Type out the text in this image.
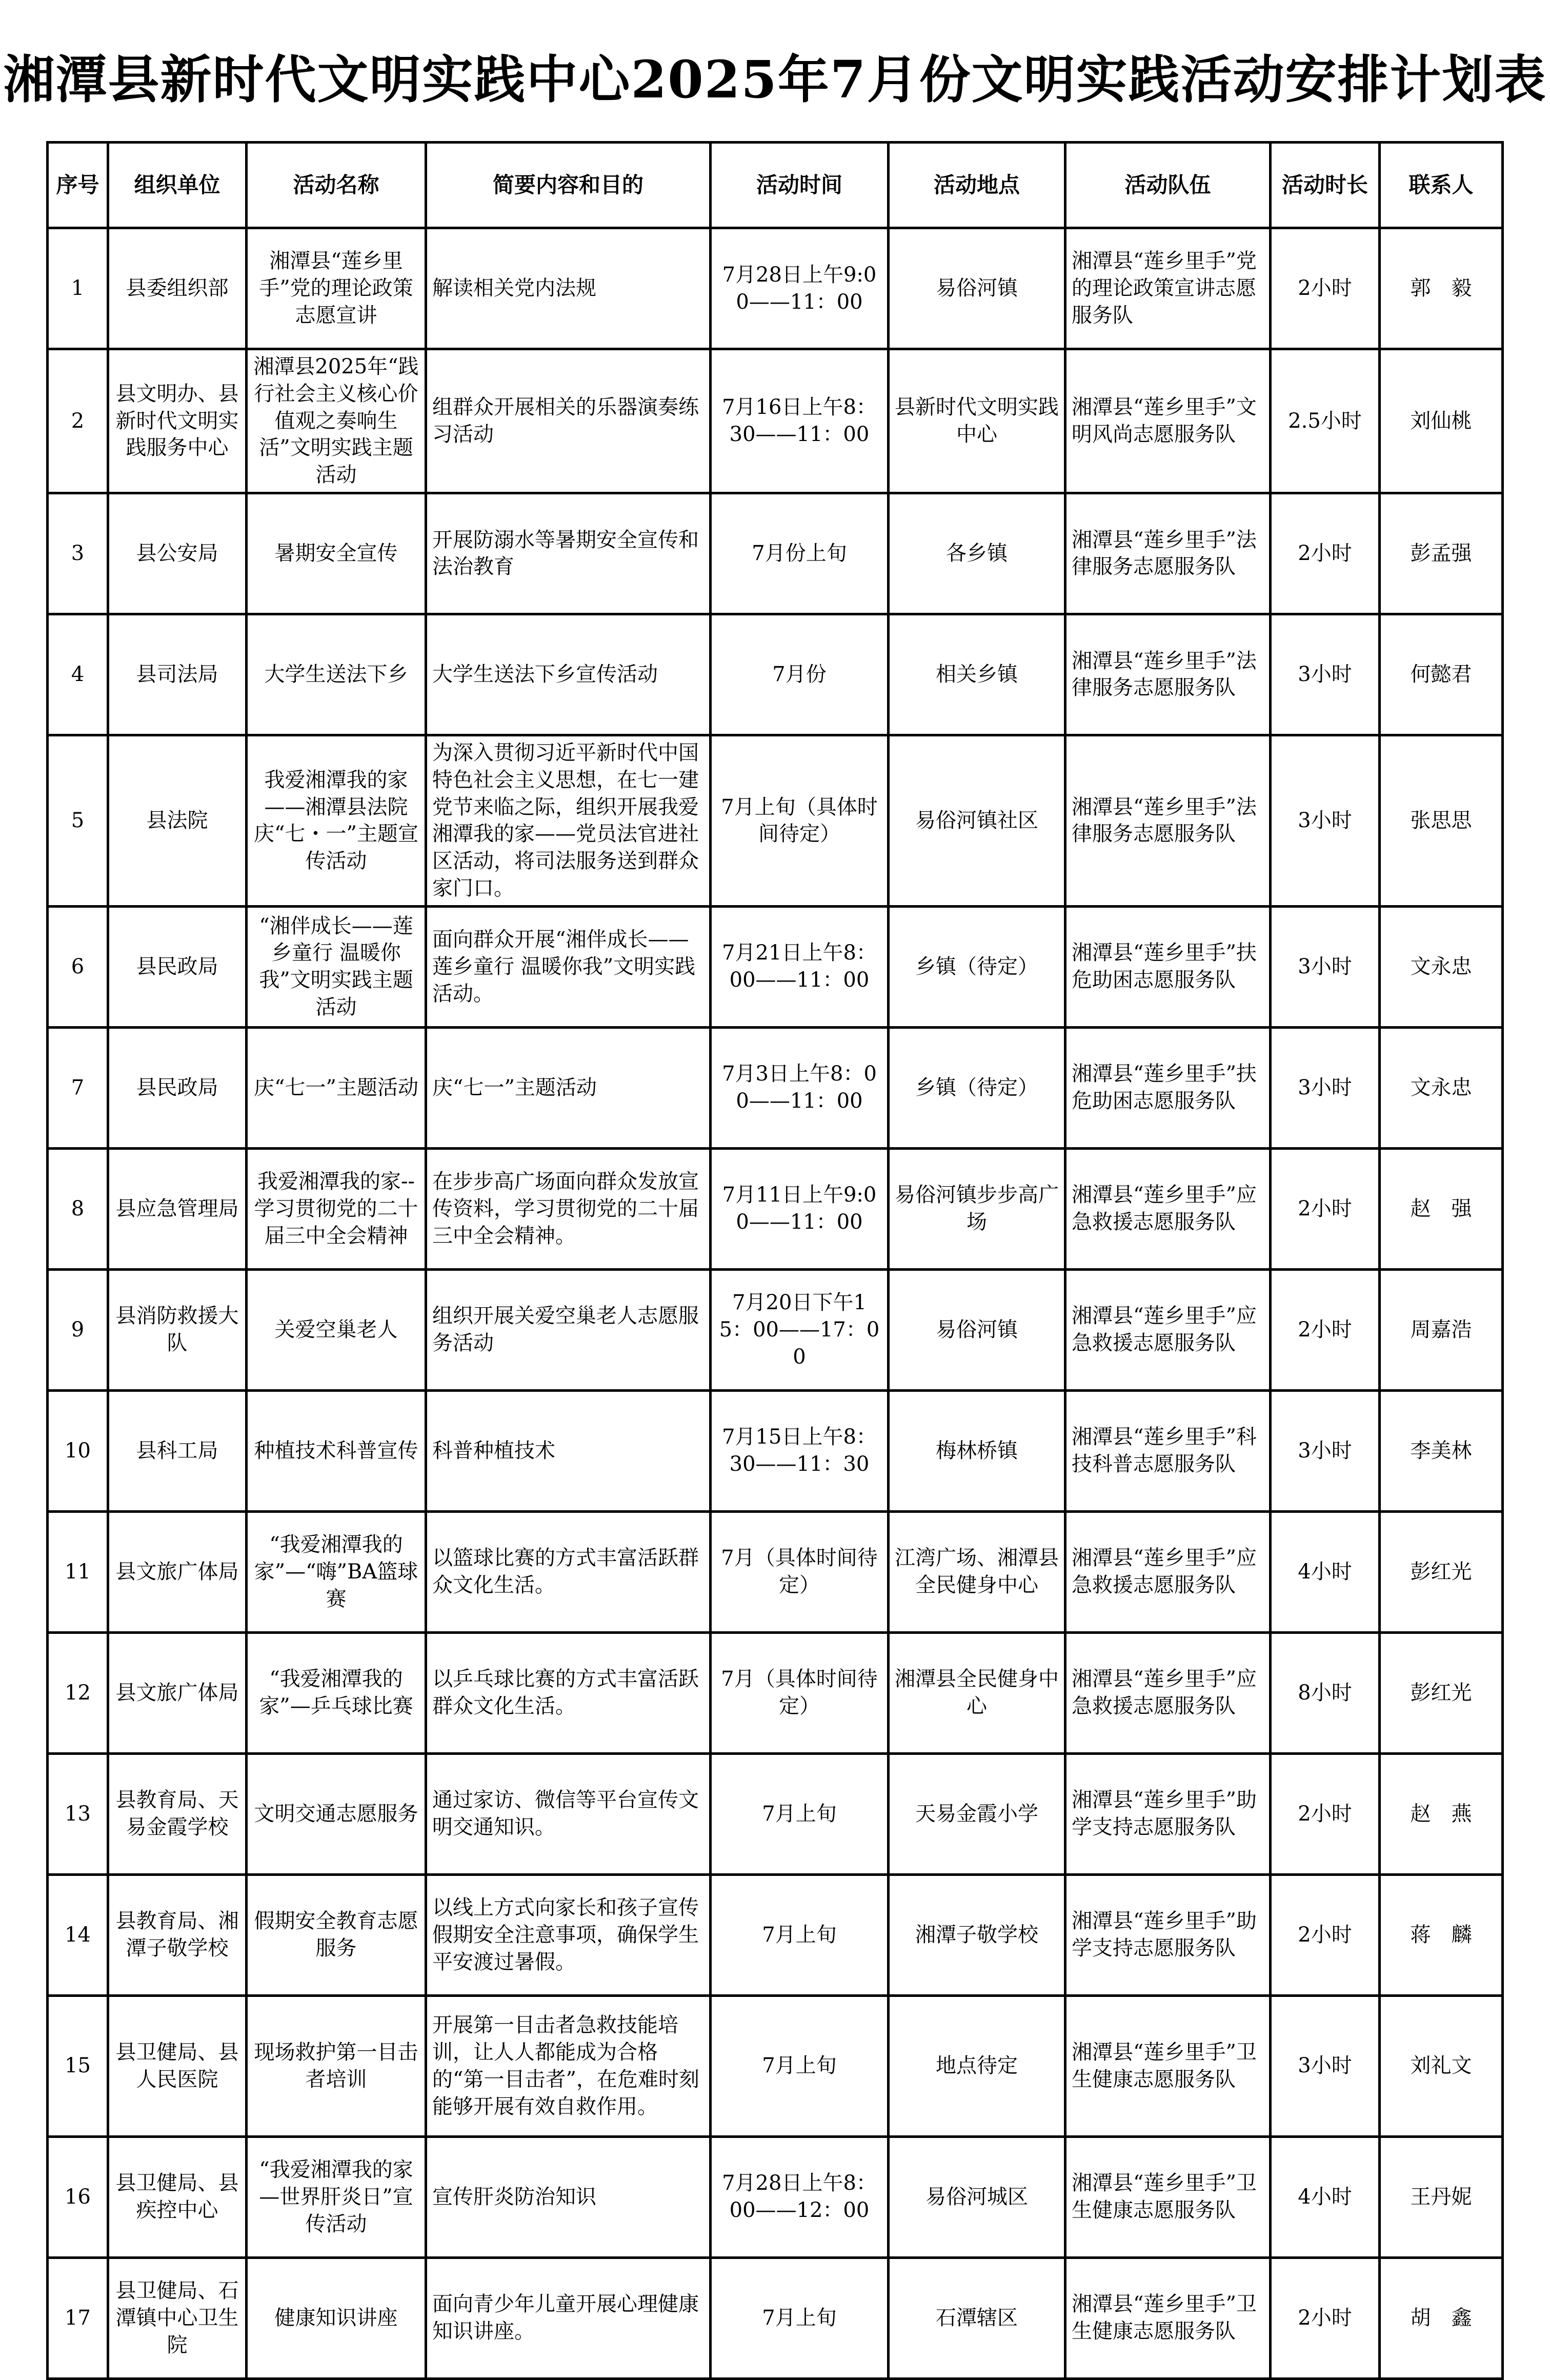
湘潭县新时代文明实践中心2025年7月份文明实践活动安排计划表
序号	组织单位	活动名称	简要内容和目的	活动时间	活动地点	活动队伍	活动时长	联系人
1	县委组织部	湘潭县“莲乡里手”党的理论政策志愿宣讲	解读相关党内法规	7月28日上午9:00——11：00	易俗河镇	湘潭县“莲乡里手”党的理论政策宣讲志愿服务队	2小时	郭　毅
2	县文明办、县新时代文明实践服务中心	湘潭县2025年“践行社会主义核心价值观之奏响生活”文明实践主题活动	组群众开展相关的乐器演奏练习活动	7月16日上午8：30——11：00	县新时代文明实践中心	湘潭县“莲乡里手”文明风尚志愿服务队	2.5小时	刘仙桃
3	县公安局	暑期安全宣传	开展防溺水等暑期安全宣传和法治教育	7月份上旬	各乡镇	湘潭县“莲乡里手”法律服务志愿服务队	2小时	彭孟强
4	县司法局	大学生送法下乡	大学生送法下乡宣传活动	7月份	相关乡镇	湘潭县“莲乡里手”法律服务志愿服务队	3小时	何懿君
5	县法院	我爱湘潭我的家——湘潭县法院庆“七・一”主题宣传活动	为深入贯彻习近平新时代中国特色社会主义思想，在七一建党节来临之际，组织开展我爱湘潭我的家——党员法官进社区活动，将司法服务送到群众家门口。	7月上旬（具体时间待定）	易俗河镇社区	湘潭县“莲乡里手”法律服务志愿服务队	3小时	张思思
6	县民政局	“湘伴成长——莲乡童行 温暖你我”文明实践主题活动	面向群众开展“湘伴成长——莲乡童行 温暖你我”文明实践活动。	7月21日上午8：00——11：00	乡镇（待定）	湘潭县“莲乡里手”扶危助困志愿服务队	3小时	文永忠
7	县民政局	庆“七一”主题活动	庆“七一”主题活动	7月3日上午8：00——11：00	乡镇（待定）	湘潭县“莲乡里手”扶危助困志愿服务队	3小时	文永忠
8	县应急管理局	我爱湘潭我的家--学习贯彻党的二十届三中全会精神	在步步高广场面向群众发放宣传资料，学习贯彻党的二十届三中全会精神。	7月11日上午9:00——11：00	易俗河镇步步高广场	湘潭县“莲乡里手”应急救援志愿服务队	2小时	赵　强
9	县消防救援大队	关爱空巢老人	组织开展关爱空巢老人志愿服务活动	7月20日下午15：00——17：00	易俗河镇	湘潭县“莲乡里手”应急救援志愿服务队	2小时	周嘉浩
10	县科工局	种植技术科普宣传	科普种植技术	7月15日上午8：30——11：30	梅林桥镇	湘潭县“莲乡里手”科技科普志愿服务队	3小时	李美林
11	县文旅广体局	“我爱湘潭我的家”—“嗨”BA篮球赛	以篮球比赛的方式丰富活跃群众文化生活。	7月（具体时间待定）	江湾广场、湘潭县全民健身中心	湘潭县“莲乡里手”应急救援志愿服务队	4小时	彭红光
12	县文旅广体局	“我爱湘潭我的家”—乒乓球比赛	以乒乓球比赛的方式丰富活跃群众文化生活。	7月（具体时间待定）	湘潭县全民健身中心	湘潭县“莲乡里手”应急救援志愿服务队	8小时	彭红光
13	县教育局、天易金霞学校	文明交通志愿服务	通过家访、微信等平台宣传文明交通知识。	7月上旬	天易金霞小学	湘潭县“莲乡里手”助学支持志愿服务队	2小时	赵　燕
14	县教育局、湘潭子敬学校	假期安全教育志愿服务	以线上方式向家长和孩子宣传假期安全注意事项，确保学生平安渡过暑假。	7月上旬	湘潭子敬学校	湘潭县“莲乡里手”助学支持志愿服务队	2小时	蒋　麟
15	县卫健局、县人民医院	现场救护第一目击者培训	开展第一目击者急救技能培训，让人人都能成为合格的“第一目击者”，在危难时刻能够开展有效自救作用。	7月上旬	地点待定	湘潭县“莲乡里手”卫生健康志愿服务队	3小时	刘礼文
16	县卫健局、县疾控中心	“我爱湘潭我的家—世界肝炎日”宣传活动	宣传肝炎防治知识	7月28日上午8：00——12：00	易俗河城区	湘潭县“莲乡里手”卫生健康志愿服务队	4小时	王丹妮
17	县卫健局、石潭镇中心卫生院	健康知识讲座	面向青少年儿童开展心理健康知识讲座。	7月上旬	石潭辖区	湘潭县“莲乡里手”卫生健康志愿服务队	2小时	胡　鑫
